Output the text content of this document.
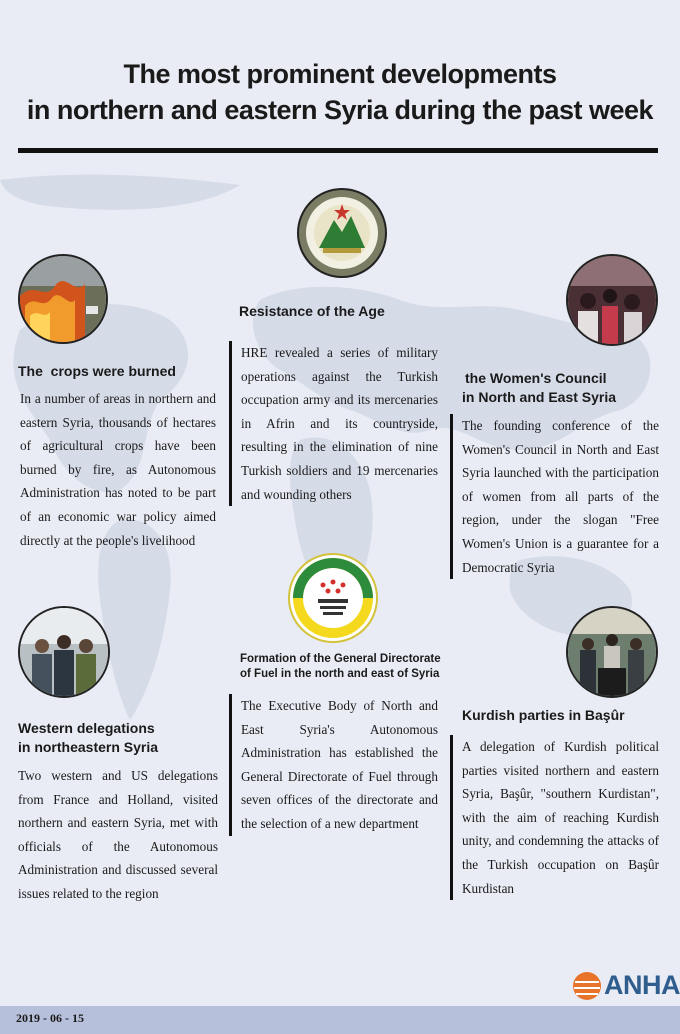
The most prominent developments
in northern and eastern Syria during the past week
The  crops were burned

In a number of areas in northern and eastern Syria, thousands of hectares of agricultural crops have been burned by fire, as Autonomous Administration has noted to be part of an economic war policy aimed directly at the people's livelihood

Resistance of the Age

HRE revealed a series of military operations against the Turkish occupation army and its mercenaries in Afrin and its countryside, resulting in the elimination of nine Turkish soldiers and 19 mercenaries and wounding others

the Women's Council
in North and East Syria

The founding conference of the Women's Council in North and East Syria launched with the participation of women from all parts of the region, under the slogan "Free Women's Union is a guarantee for a Democratic Syria

Western delegations
in northeastern Syria

Two western and US delegations from France and Holland, visited northern and eastern Syria, met with officials of the Autonomous Administration and discussed several issues related to the region

Formation of the General Directorate
of Fuel in the north and east of Syria

The Executive Body of North and East Syria's Autonomous Administration has established the General Directorate of Fuel through seven offices of the directorate and the selection of a new department

Kurdish parties in Başûr

A delegation of Kurdish political parties visited northern and eastern Syria, Başûr, "southern Kurdistan", with the aim of reaching Kurdish unity, and condemning the attacks of the Turkish occupation on Başûr Kurdistan

2019 - 06 - 15
ANHA
